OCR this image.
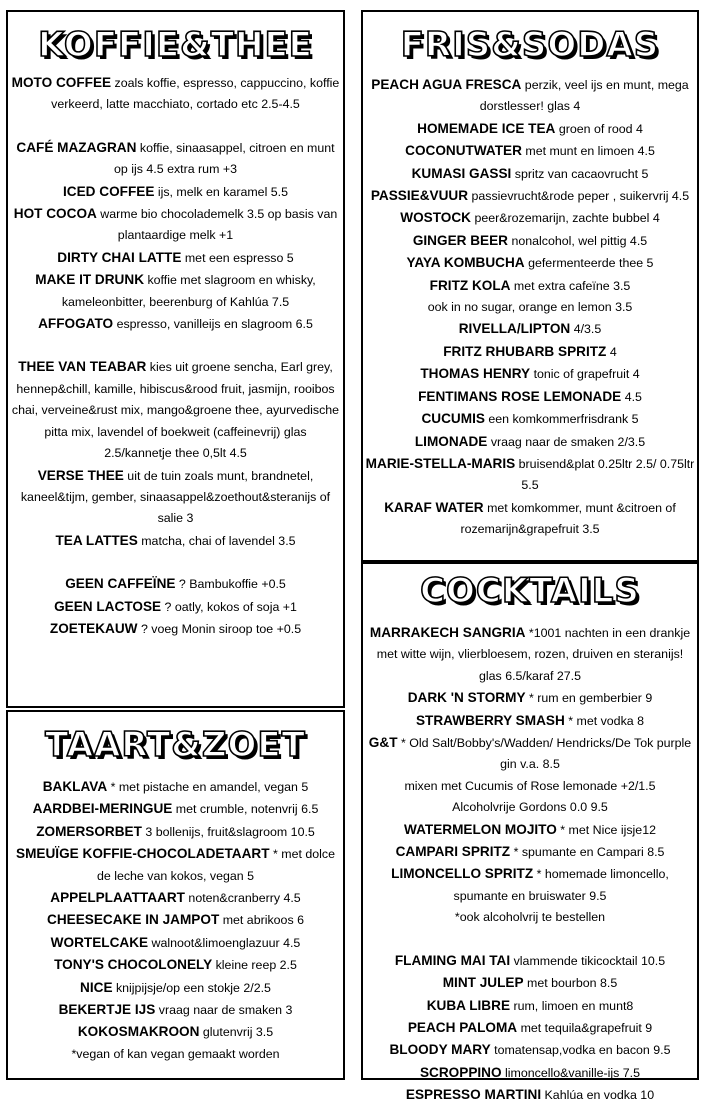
KOFFIE&THEE

MOTO COFFEE zoals koffie, espresso, cappuccino, koffie verkeerd, latte macchiato, cortado etc 2.5-4.5

CAFÉ MAZAGRAN koffie, sinaasappel, citroen en munt op ijs 4.5 extra rum +3

ICED COFFEE ijs, melk en karamel 5.5

HOT COCOA warme bio chocolademelk 3.5 op basis van plantaardige melk +1

DIRTY CHAI LATTE met een espresso 5

MAKE IT DRUNK koffie met slagroom en whisky, kameleonbitter, beerenburg of Kahlúa 7.5

AFFOGATO espresso, vanilleijs en slagroom 6.5

THEE VAN TEABAR kies uit groene sencha, Earl grey, hennep&chill, kamille, hibiscus&rood fruit, jasmijn, rooibos chai, verveine&rust mix, mango&groene thee, ayurvedische pitta mix, lavendel of boekweit (caffeinevrij) glas 2.5/kannetje thee 0,5lt 4.5

VERSE THEE uit de tuin zoals munt, brandnetel, kaneel&tijm, gember, sinaasappel&zoethout&steranijs of salie 3

TEA LATTES matcha, chai of lavendel 3.5

GEEN CAFFEÏNE ? Bambukoffie +0.5

GEEN LACTOSE ? oatly, kokos of soja +1

ZOETEKAUW ? voeg Monin siroop toe +0.5

TAART&ZOET

BAKLAVA * met pistache en amandel, vegan 5

AARDBEI-MERINGUE met crumble, notenvrij 6.5

ZOMERSORBET 3 bollenijs, fruit&slagroom 10.5

SMEUÏGE KOFFIE-CHOCOLADETAART * met dolce de leche van kokos, vegan 5

APPELPLAATTAART noten&cranberry 4.5

CHEESECAKE IN JAMPOT met abrikoos 6

WORTELCAKE walnoot&limoenglazuur 4.5

TONY'S CHOCOLONELY kleine reep 2.5

NICE knijpijsje/op een stokje 2/2.5

BEKERTJE IJS vraag naar de smaken 3

KOKOSMAKROON glutenvrij 3.5

*vegan of kan vegan gemaakt worden

FRIS&SODAS

PEACH AGUA FRESCA perzik, veel ijs en munt, mega dorstlesser! glas 4

HOMEMADE ICE TEA groen of rood 4

COCONUTWATER met munt en limoen 4.5

KUMASI GASSI spritz van cacaovrucht 5

PASSIE&VUUR passievrucht&rode peper , suikervrij 4.5

WOSTOCK peer&rozemarijn, zachte bubbel 4

GINGER BEER nonalcohol, wel pittig 4.5

YAYA KOMBUCHA gefermenteerde thee 5

FRITZ KOLA met extra cafeïne 3.5

ook in no sugar, orange en lemon 3.5

RIVELLA/LIPTON 4/3.5

FRITZ RHUBARB SPRITZ 4

THOMAS HENRY tonic of grapefruit 4

FENTIMANS ROSE LEMONADE 4.5

CUCUMIS een komkommerfrisdrank 5

LIMONADE vraag naar de smaken 2/3.5

MARIE-STELLA-MARIS bruisend&plat 0.25ltr 2.5/ 0.75ltr 5.5

KARAF WATER met komkommer, munt &citroen of rozemarijn&grapefruit 3.5

COCKTAILS

MARRAKECH SANGRIA *1001 nachten in een drankje met witte wijn, vlierbloesem, rozen, druiven en steranijs! glas 6.5/karaf 27.5

DARK 'N STORMY * rum en gemberbier 9

STRAWBERRY SMASH * met vodka 8

G&T * Old Salt/Bobby's/Wadden/ Hendricks/De Tok purple gin v.a. 8.5

mixen met Cucumis of Rose lemonade +2/1.5

Alcoholvrije Gordons 0.0 9.5

WATERMELON MOJITO * met Nice ijsje12

CAMPARI SPRITZ * spumante en Campari 8.5

LIMONCELLO SPRITZ * homemade limoncello, spumante en bruiswater 9.5

*ook alcoholvrij te bestellen

FLAMING MAI TAI vlammende tikicocktail 10.5

MINT JULEP met bourbon 8.5

KUBA LIBRE rum, limoen en munt8

PEACH PALOMA met tequila&grapefruit 9

BLOODY MARY tomatensap,vodka en bacon 9.5

SCROPPINO limoncello&vanille-ijs 7.5

ESPRESSO MARTINI Kahlúa en vodka 10
